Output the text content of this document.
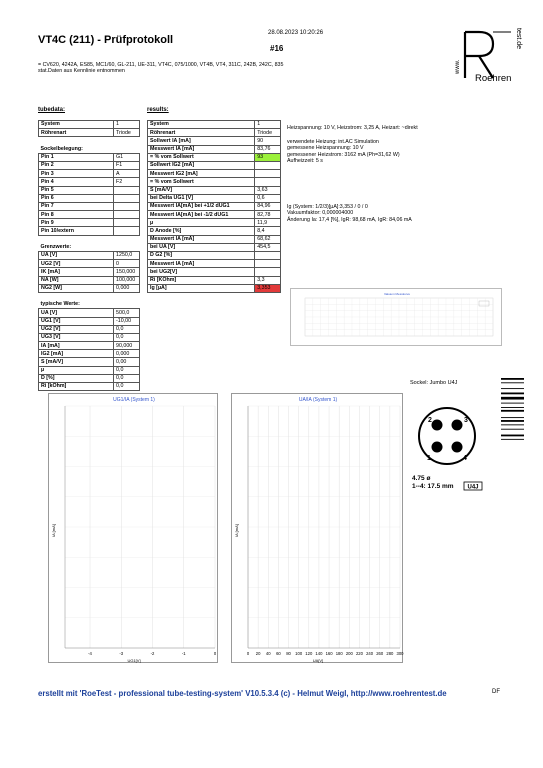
VT4C (211) - Prüfprotokoll
28.08.2023 10:20:26
#16
= CV620, 4242A, ES85, MC1/60, GL-211, UE-311, VT4C, 075/1000, VT4B, VT4, 311C, 242B, 242C, 835
stat.Daten aus Kennlinie entnommen	www.
test.de
Roehren
tubedata:	results:
System	1
Röhrenart	Triode

Sockelbelegung:	
Pin 1	G1
Pin 2	F1
Pin 3	A
Pin 4	F2
Pin 5	
Pin 6	
Pin 7	
Pin 8	
Pin 9	
Pin 10/extern	

Grenzwerte:	
UA [V]	1250,0
UG2 [V]	0
IK [mA]	150,000
NA [W]	100,000
NG2 [W]	0,000

typische Werte:	
UA [V]	500,0
UG1 [V]	-10,00
UG2 [V]	0,0
UG3 [V]	0,0
IA [mA]	90,000
IG2 [mA]	0,000
S [mA/V]	0,00
µ	0,0
D [%]	0,0
Ri [kOhm]	0,0
System	1
Röhrenart	Triode
Sollwert IA [mA]	90
Messwert IA [mA]	83,76
= % vom Sollwert	93
Sollwert IG2 [mA]	
Messwert IG2 [mA]	
= % vom Sollwert	
S [mA/V]	3,63
bei Delta UG1 [V]	0,6
Messwert IA[mA] bei +1/2 dUG1	84,96
Messwert IA[mA] bei -1/2 dUG1	82,78
µ	11,9
D Anode [%]	8,4
Messwert IA [mA]	68,62
bei UA [V]	454,5
D G2 [%]	
Messwert IA [mA]	
bei UG2[V]	
Ri [KOhm]	3,3
Ig [µA]	3,353
Heizspannung: 10 V, Heizstrom: 3,25 A, Heizart: ~direkt
verwendete Heizung: int.AC Simulation
gemessene Heizspannung: 10 V
gemessener Heizstrom: 3162 mA (Ph=31,62 W)
Aufheizzeit: 5 s
Ig (System: 1/2/3)[µA]:3,353 / 0 / 0
Vakuumfaktor: 0,000004000
Änderung Ia: 17,4 [%], IgR: 98,68 mA, IgR: 84,06 mA
Vakuum Messkurve
Sockel: Jumbo U4J
2	3
1	4
4.75 ø
1--4: 17.5 mm U4J
UG1/IA (System 1)
-4	-3	-2	-1	0
UG1[V]
IA [mA]
UA/IA (System 1)
0 20 40 60 80 100 120 140 160 180 200 220 240 260 280 300
UA[V]
IA [mA]
erstellt mit 'RoeTest - professional tube-testing-system' V10.5.3.4 (c) - Helmut Weigl, http://www.roehrentest.de	DF
